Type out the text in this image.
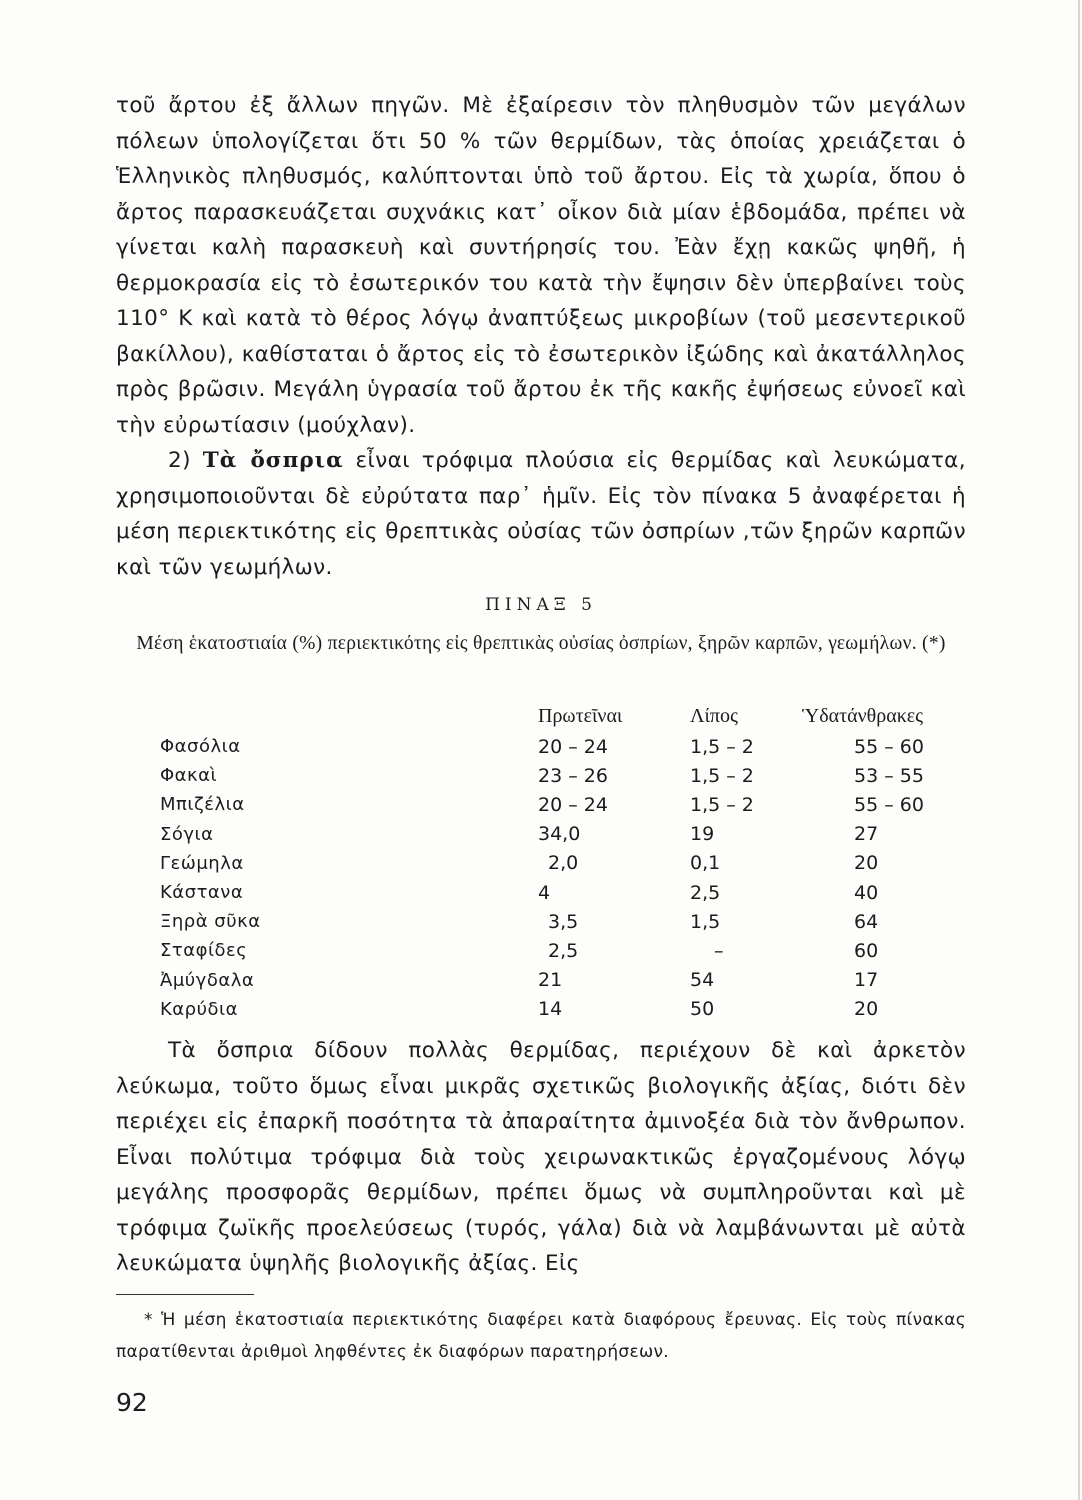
τοῦ ἄρτου ἐξ ἄλλων πηγῶν. Μὲ ἐξαίρεσιν τὸν πληθυσμὸν τῶν μεγάλων πόλεων ὑπολογίζεται ὅτι 50 % τῶν θερμίδων, τὰς ὁποίας χρειάζεται ὁ Ἑλληνικὸς πληθυσμός, καλύπτονται ὑπὸ τοῦ ἄρτου. Εἰς τὰ χωρία, ὅπου ὁ ἄρτος παρασκευάζεται συχνάκις κατ᾽ οἶκον διὰ μίαν ἑβδομάδα, πρέπει νὰ γίνεται καλὴ παρασκευὴ καὶ συντήρησίς του. Ἐὰν ἔχῃ κακῶς ψηθῆ, ἡ θερμοκρασία εἰς τὸ ἐσωτερικόν του κατὰ τὴν ἔψησιν δὲν ὑπερβαίνει τοὺς 110° Κ καὶ κατὰ τὸ θέρος λόγῳ ἀναπτύξεως μικροβίων (τοῦ μεσεντερικοῦ βακίλλου), καθίσταται ὁ ἄρτος εἰς τὸ ἐσωτερικὸν ἰξώδης καὶ ἀκατάλληλος πρὸς βρῶσιν. Μεγάλη ὑγρασία τοῦ ἄρτου ἐκ τῆς κακῆς ἐψήσεως εὐνοεῖ καὶ τὴν εὐρωτίασιν (μούχλαν).

2) Τὰ ὄσπρια εἶναι τρόφιμα πλούσια εἰς θερμίδας καὶ λευκώματα, χρησιμοποιοῦνται δὲ εὐρύτατα παρ᾽ ἡμῖν. Εἰς τὸν πίνακα 5 ἀναφέρεται ἡ μέση περιεκτικότης εἰς θρεπτικὰς οὐσίας τῶν ὀσπρίων ,τῶν ξηρῶν καρπῶν καὶ τῶν γεωμήλων.

ΠΙΝΑΞ 5
Μέση ἑκατοστιαία (%) περιεκτικότης εἰς θρεπτικὰς οὐσίας ὀσπρίων, ξηρῶν καρπῶν, γεωμήλων. (*)
	Πρωτεῖναι	Λίπος	Ὑδατάνθρακες
Φασόλια	20 – 24	1,5 – 2	55 – 60
Φακαὶ	23 – 26	1,5 – 2	53 – 55
Μπιζέλια	20 – 24	1,5 – 2	55 – 60
Σόγια	34,0	19	27
Γεώμηλα	2,0	0,1	20
Κάστανα	4	2,5	40
Ξηρὰ σῦκα	3,5	1,5	64
Σταφίδες	2,5	–	60
Ἀμύγδαλα	21	54	17
Καρύδια	14	50	20

Τὰ ὄσπρια δίδουν πολλὰς θερμίδας, περιέχουν δὲ καὶ ἀρκετὸν λεύκωμα, τοῦτο ὅμως εἶναι μικρᾶς σχετικῶς βιολογικῆς ἀξίας, διότι δὲν περιέχει εἰς ἐπαρκῆ ποσότητα τὰ ἀπαραίτητα ἀμινοξέα διὰ τὸν ἄνθρωπον. Εἶναι πολύτιμα τρόφιμα διὰ τοὺς χειρωνακτικῶς ἐργαζομένους λόγῳ μεγάλης προσφορᾶς θερμίδων, πρέπει ὅμως νὰ συμπληροῦνται καὶ μὲ τρόφιμα ζωϊκῆς προελεύσεως (τυρός, γάλα) διὰ νὰ λαμβάνωνται μὲ αὐτὰ λευκώματα ὑψηλῆς βιολογικῆς ἀξίας. Εἰς

* Ἡ μέση ἑκατοστιαία περιεκτικότης διαφέρει κατὰ διαφόρους ἔρευνας. Εἰς τοὺς πίνακας παρατίθενται ἀριθμοὶ ληφθέντες ἐκ διαφόρων παρατηρήσεων.

92
